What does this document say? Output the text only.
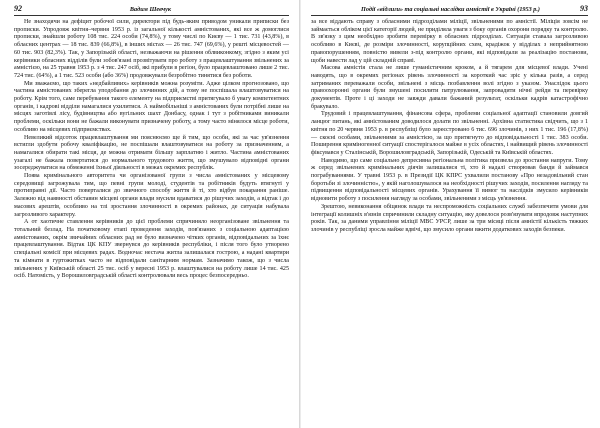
92	Вадим Шевчук

Не знаходячи на дефіцит робочої сили, директори під будь-яким приводом уникали приписки без прописки. Упродовж квітня–червня 1953 р. із загальної кількості амністованих, які все ж домоглися прописки, знайшли роботу 108 тис. 224 особи (74,8%), у тому числі по Києву — 1 тис. 731 (43,8%), в обласних центрах — 18 тис. 839 (66,8%), в інших містах — 26 тис. 747 (69,6%), у решті місцевостей — 60 тис. 903 (82,3%). Так, у Запорізькій області, незважаючи на рішення облвиконкому, згідно з яким усі керівники обласних відділів були зобов'язані прозвітувати про роботу з працевлаштування звільнених за амністією, на 25 травня 1953 р. з 4 тис. 247 осіб, які прибули в регіон, було працевлаштовано лише 2 тис. 724 тис. (64%), а 1 тис. 523 особи (або 36%) продовжували безробітно тинятися без роботи.

Ми зважаємо, що таких «недбайливих» керівників можна розуміти. Адже цілком прогнозовано, що частина амністованих зберегла уподобання до злочинних дій, а тому не поспішала влаштовуватися на роботу. Крім того, саме перебування такого елементу на підприємстві притягувало б увагу компетентних органів, і кадрові відділи намагалися ухилитися. А наймобільніші з амністованих були потрібні лише на місцях заготівлі лісу, будівництва або вугільних шахт Донбасу, однак і тут з робітниками виникали проблеми, оскільки вони не бажали виконувати призначену роботу, а тому часто мінялося місце роботи, особливо на місцевих підприємствах.

Невеликий відсоток працевлаштування ми пояснюємо ще й тим, що особи, які за час ув'язнення встигли здобути робочу кваліфікацію, не поспішали влаштовуватися на роботу за призначенням, а намагалися обирати такі місця, де можна отримати більшу зарплатню і житло. Частина амністованих узагалі не бажала повертатися до нормального трудового життя, що змушувало відповідні органи зосереджуватися на обмеженні їхньої діяльності в межах окремих республік.

Поява кримінального авторитета чи організованої групи з числа амністованих у місцевому середовищі загрожувала тим, що певні групи молоді, студентів та робітників будуть втягнуті у протиправні дії. Часто поверталися до звичного способу життя й ті, хто відбув покарання раніше. Залежно від наявності обставин місцеві органи влади мусили вдаватися до рішучих заходів, а відтак і до масових арештів, особливо на тлі зростання злочинності в окремих районах, де ситуація набувала загрозливого характеру.

А от хаотичне ставлення керівників до цієї проблеми спричиняло неорганізоване звільнення та тотальний безлад. На початковому етапі проведення заходів, пов'язаних з соціальною адаптацією амністованих, окрім звичайних обласних рад не було визначено чітких органів, відповідальних за їхнє працевлаштування. Відтак ЦК КПУ звернувся до керівників республіки, і після того було утворено спеціальні комісії при місцевих радах. Водночас нестача житла залишалася гострою, а надані квартири та кімнати в гуртожитках часто не відповідали санітарним нормам. Зазначимо також, що з числа звільнених у Київській області 25 тис. осіб у вересні 1953 р. влаштувалися на роботу лише 14 тис. 425 осіб. Натомість, у Ворошиловградській області контролювали весь процес безпосередньо.

Події «відлиги» та соціальні наслідки амністії в Україні (1953 р.)	93

за все віддають справу з обласними підрозділами міліції, звільненими по амністії. Міліція зовсім не займається обліком цієї категорії людей, не приділяла уваги з боку органів охорони порядку та контролю. В зв'язку з цим необхідно зробити перевірку в обласних підрозділах. Ситуація ставала загрозливою особливо в Києві, де розміри злочинності, корупційних схем, крадіжок у відділах з неприйнятною правопорушенням, повністю вивели з-під контролю органи, які відповідали за реалізацію постанови, щоби навести лад у цій складній справі.

Масова амністія стала не лише гуманістичним кроком, а й тягарем для місцевої влади. Учені наводять, що в окремих регіонах рівень злочинності за короткий час зріс у кілька разів, а серед затриманих переважали особи, звільнені з місць позбавлення волі згідно з указом. Унаслідок цього правоохоронні органи були змушені посилити патрулювання, запровадити нічні рейди та перевірку документів. Проте і ці заходи не завжди давали бажаний результат, оскільки кадрів катастрофічно бракувало.

Трудовий і працевлаштування, фінансова сфера, проблеми соціальної адаптації становили довгий ланцюг питань, які амністованим доводилося долати по звільненні. Архівна статистика свідчить, що з 1 квітня по 20 червня 1953 р. в республіці було зареєстровано 6 тис. 696 злочинів, з них 1 тис. 196 (17,8%) — скоєні особами, звільненими за амністією, за що притягнуто до відповідальності 1 тис. 383 особи. Поширення криміногенної ситуації спостерігалося майже в усіх областях, і найвищий рівень злочинності фіксувався у Сталінській, Ворошиловградській, Запорізькій, Одеській та Київській областях.

Наводимо, що саме соціально депресивна регіональна політика призвела до зростання напруги. Тому ж серед звільнених кримінальних діячів залишалися ті, хто й надалі створював банди й займався пограбуваннями. У травні 1953 р. в Президії ЦК КПРС ухвалили постанову «Про незадовільний стан боротьби зі злочинністю», у якій наголошувалося на необхідності рішучих заходів, посилення нагляду та підвищення відповідальності місцевих органів. Урахування її вимог та наслідків змусило керівників відновити роботу з посилення нагляду за особами, звільненими з місць ув'язнення.

Зрештою, невиконання обіцянок влади та неспроможність соціальних служб забезпечити умови для інтеграції колишніх в'язнів спричинили складну ситуацію, яку довелося розв'язувати впродовж наступних років. Так, за даними управління міліції МВС УРСР, лише за три місяці після амністії кількість тяжких злочинів у республіці зросла майже вдвічі, що змусило органи вжити додаткових заходів безпеки.
